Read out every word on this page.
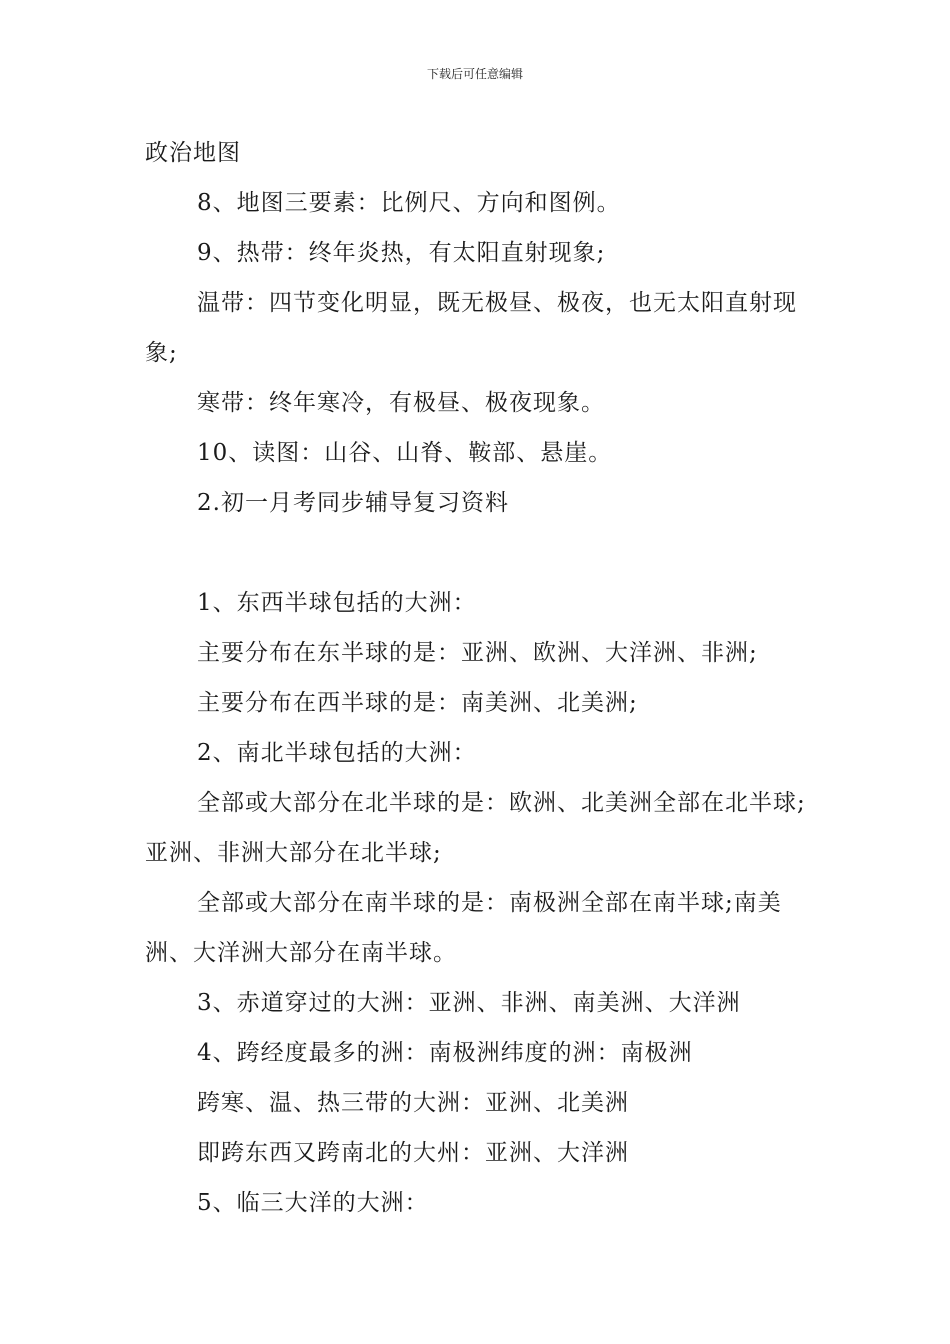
下载后可任意编辑

政治地图

8、地图三要素：比例尺、方向和图例。

9、热带：终年炎热，有太阳直射现象;

温带：四节变化明显，既无极昼、极夜，也无太阳直射现象;

寒带：终年寒冷，有极昼、极夜现象。

10、读图：山谷、山脊、鞍部、悬崖。

2.初一月考同步辅导复习资料

1、东西半球包括的大洲：

主要分布在东半球的是：亚洲、欧洲、大洋洲、非洲;

主要分布在西半球的是：南美洲、北美洲;

2、南北半球包括的大洲：

全部或大部分在北半球的是：欧洲、北美洲全部在北半球;亚洲、非洲大部分在北半球;

全部或大部分在南半球的是：南极洲全部在南半球;南美洲、大洋洲大部分在南半球。

3、赤道穿过的大洲：亚洲、非洲、南美洲、大洋洲

4、跨经度最多的洲：南极洲纬度的洲：南极洲

跨寒、温、热三带的大洲：亚洲、北美洲

即跨东西又跨南北的大州：亚洲、大洋洲

5、临三大洋的大洲：
